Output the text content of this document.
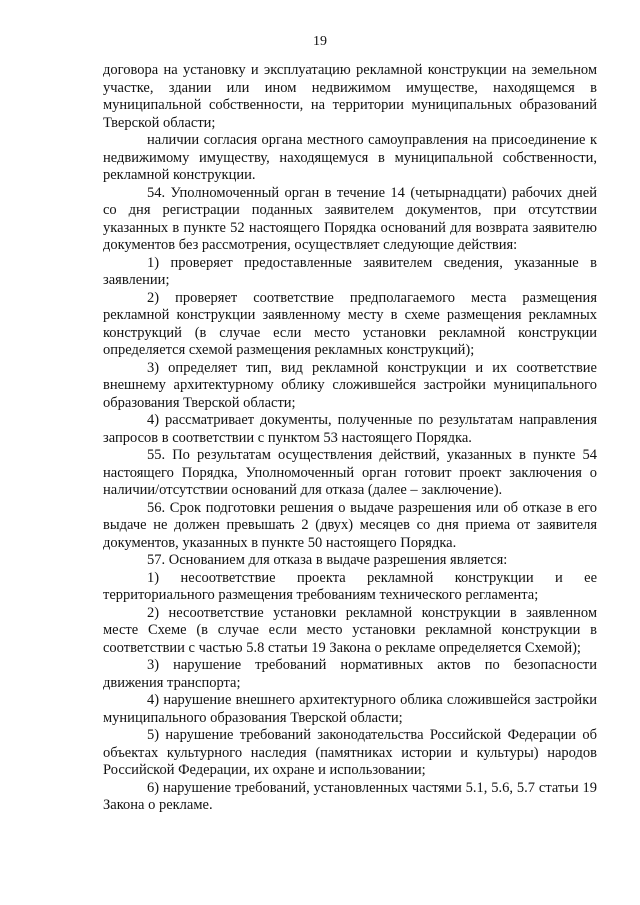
19

договора на установку и эксплуатацию рекламной конструкции на земельном участке, здании или ином недвижимом имуществе, находящемся в муниципальной собственности, на территории муниципальных образований Тверской области;

наличии согласия органа местного самоуправления на присоединение к недвижимому имуществу, находящемуся в муниципальной собственности, рекламной конструкции.

54. Уполномоченный орган в течение 14 (четырнадцати) рабочих дней со дня регистрации поданных заявителем документов, при отсутствии указанных в пункте 52 настоящего Порядка оснований для возврата заявителю документов без рассмотрения, осуществляет следующие действия:

1) проверяет предоставленные заявителем сведения, указанные в заявлении;

2) проверяет соответствие предполагаемого места размещения рекламной конструкции заявленному месту в схеме размещения рекламных конструкций (в случае если место установки рекламной конструкции определяется схемой размещения рекламных конструкций);

3) определяет тип, вид рекламной конструкции и их соответствие внешнему архитектурному облику сложившейся застройки муниципального образования Тверской области;

4) рассматривает документы, полученные по результатам направления запросов в соответствии с пунктом 53 настоящего Порядка.

55. По результатам осуществления действий, указанных в пункте 54 настоящего Порядка, Уполномоченный орган готовит проект заключения о наличии/отсутствии оснований для отказа (далее – заключение).

56. Срок подготовки решения о выдаче разрешения или об отказе в его выдаче не должен превышать 2 (двух) месяцев со дня приема от заявителя документов, указанных в пункте 50 настоящего Порядка.

57. Основанием для отказа в выдаче разрешения является:

1) несоответствие проекта рекламной конструкции и ее территориального размещения требованиям технического регламента;

2) несоответствие установки рекламной конструкции в заявленном месте Схеме (в случае если место установки рекламной конструкции в соответствии с частью 5.8 статьи 19 Закона о рекламе определяется Схемой);

3) нарушение требований нормативных актов по безопасности движения транспорта;

4) нарушение внешнего архитектурного облика сложившейся застройки муниципального образования Тверской области;

5) нарушение требований законодательства Российской Федерации об объектах культурного наследия (памятниках истории и культуры) народов Российской Федерации, их охране и использовании;

6) нарушение требований, установленных частями 5.1, 5.6, 5.7 статьи 19 Закона о рекламе.
